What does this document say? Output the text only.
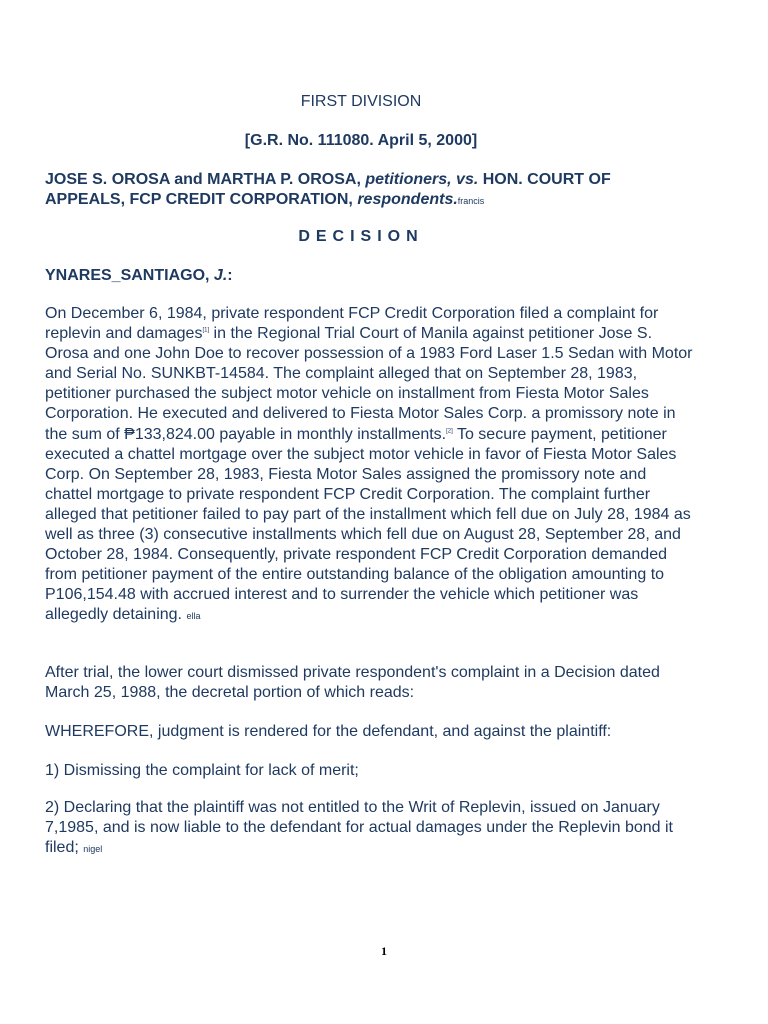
FIRST DIVISION
[G.R. No. 111080. April 5, 2000]
JOSE S. OROSA and MARTHA P. OROSA, petitioners, vs. HON. COURT OF APPEALS, FCP CREDIT CORPORATION, respondents.francis
DECISION
YNARES_SANTIAGO, J.:
On December 6, 1984, private respondent FCP Credit Corporation filed a complaint for replevin and damages[1] in the Regional Trial Court of Manila against petitioner Jose S. Orosa and one John Doe to recover possession of a 1983 Ford Laser 1.5 Sedan with Motor and Serial No. SUNKBT-14584. The complaint alleged that on September 28, 1983, petitioner purchased the subject motor vehicle on installment from Fiesta Motor Sales Corporation. He executed and delivered to Fiesta Motor Sales Corp. a promissory note in the sum of ₱133,824.00 payable in monthly installments.[2] To secure payment, petitioner executed a chattel mortgage over the subject motor vehicle in favor of Fiesta Motor Sales Corp. On September 28, 1983, Fiesta Motor Sales assigned the promissory note and chattel mortgage to private respondent FCP Credit Corporation. The complaint further alleged that petitioner failed to pay part of the installment which fell due on July 28, 1984 as well as three (3) consecutive installments which fell due on August 28, September 28, and October 28, 1984. Consequently, private respondent FCP Credit Corporation demanded from petitioner payment of the entire outstanding balance of the obligation amounting to P106,154.48 with accrued interest and to surrender the vehicle which petitioner was allegedly detaining. ella
After trial, the lower court dismissed private respondent's complaint in a Decision dated March 25, 1988, the decretal portion of which reads:
WHEREFORE, judgment is rendered for the defendant, and against the plaintiff:
1) Dismissing the complaint for lack of merit;
2) Declaring that the plaintiff was not entitled to the Writ of Replevin, issued on January 7,1985, and is now liable to the defendant for actual damages under the Replevin bond it filed; nigel
1
